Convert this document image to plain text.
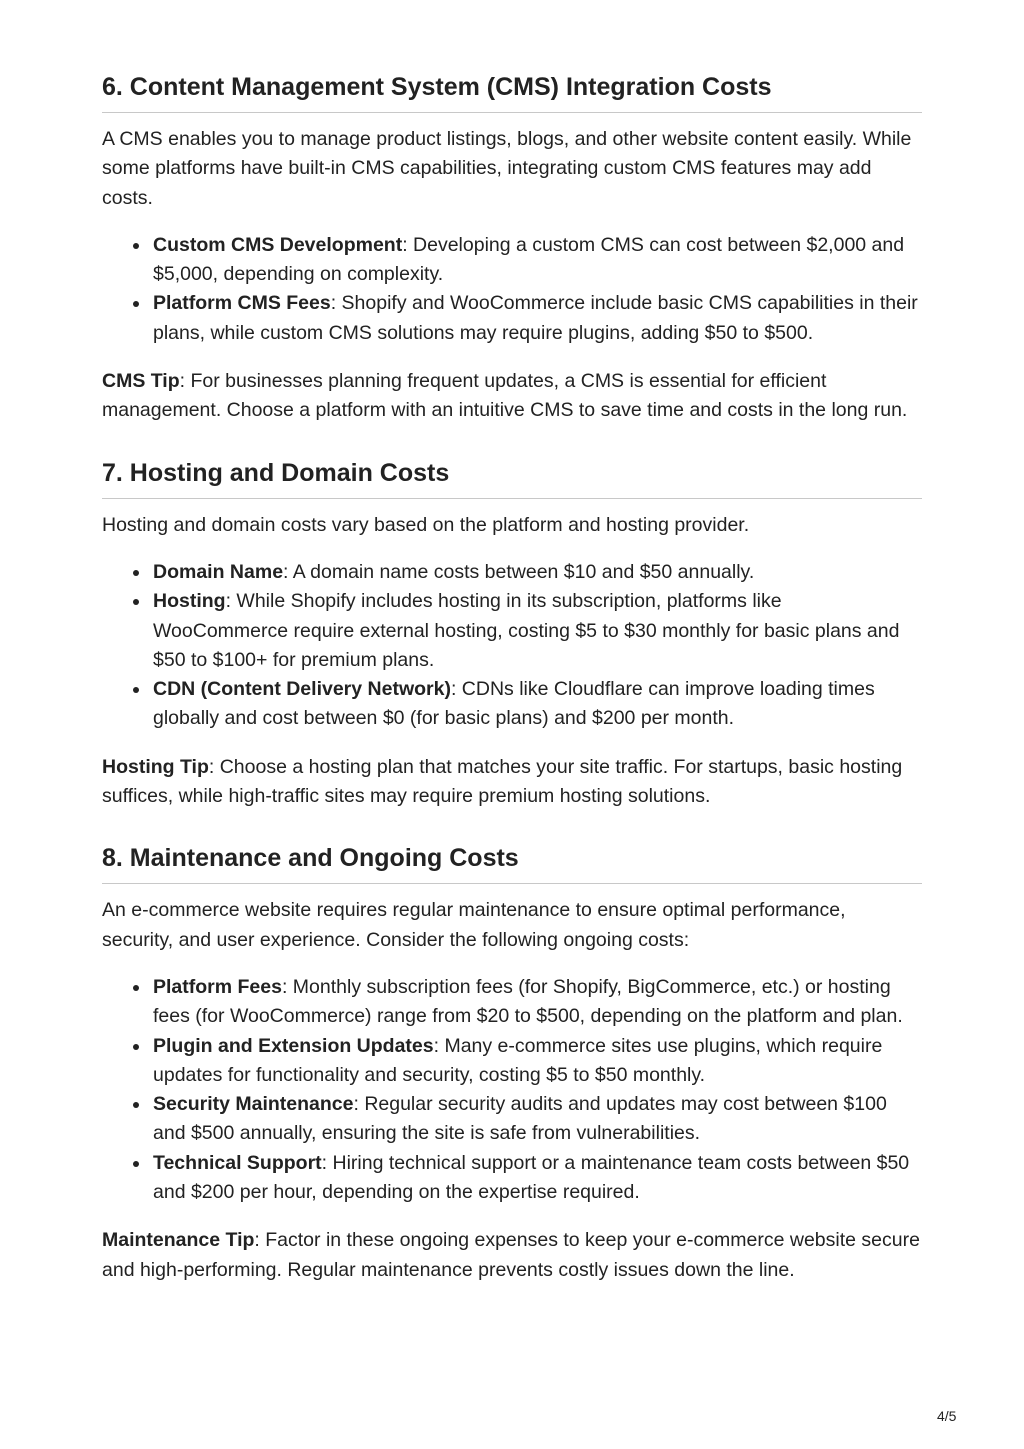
6. Content Management System (CMS) Integration Costs

A CMS enables you to manage product listings, blogs, and other website content easily. While some platforms have built-in CMS capabilities, integrating custom CMS features may add costs.

Custom CMS Development: Developing a custom CMS can cost between $2,000 and $5,000, depending on complexity.
Platform CMS Fees: Shopify and WooCommerce include basic CMS capabilities in their plans, while custom CMS solutions may require plugins, adding $50 to $500.

CMS Tip: For businesses planning frequent updates, a CMS is essential for efficient management. Choose a platform with an intuitive CMS to save time and costs in the long run.

7. Hosting and Domain Costs

Hosting and domain costs vary based on the platform and hosting provider.

Domain Name: A domain name costs between $10 and $50 annually.
Hosting: While Shopify includes hosting in its subscription, platforms like WooCommerce require external hosting, costing $5 to $30 monthly for basic plans and $50 to $100+ for premium plans.
CDN (Content Delivery Network): CDNs like Cloudflare can improve loading times globally and cost between $0 (for basic plans) and $200 per month.

Hosting Tip: Choose a hosting plan that matches your site traffic. For startups, basic hosting suffices, while high-traffic sites may require premium hosting solutions.

8. Maintenance and Ongoing Costs

An e-commerce website requires regular maintenance to ensure optimal performance, security, and user experience. Consider the following ongoing costs:

Platform Fees: Monthly subscription fees (for Shopify, BigCommerce, etc.) or hosting fees (for WooCommerce) range from $20 to $500, depending on the platform and plan.
Plugin and Extension Updates: Many e-commerce sites use plugins, which require updates for functionality and security, costing $5 to $50 monthly.
Security Maintenance: Regular security audits and updates may cost between $100 and $500 annually, ensuring the site is safe from vulnerabilities.
Technical Support: Hiring technical support or a maintenance team costs between $50 and $200 per hour, depending on the expertise required.

Maintenance Tip: Factor in these ongoing expenses to keep your e-commerce website secure and high-performing. Regular maintenance prevents costly issues down the line.

4/5
